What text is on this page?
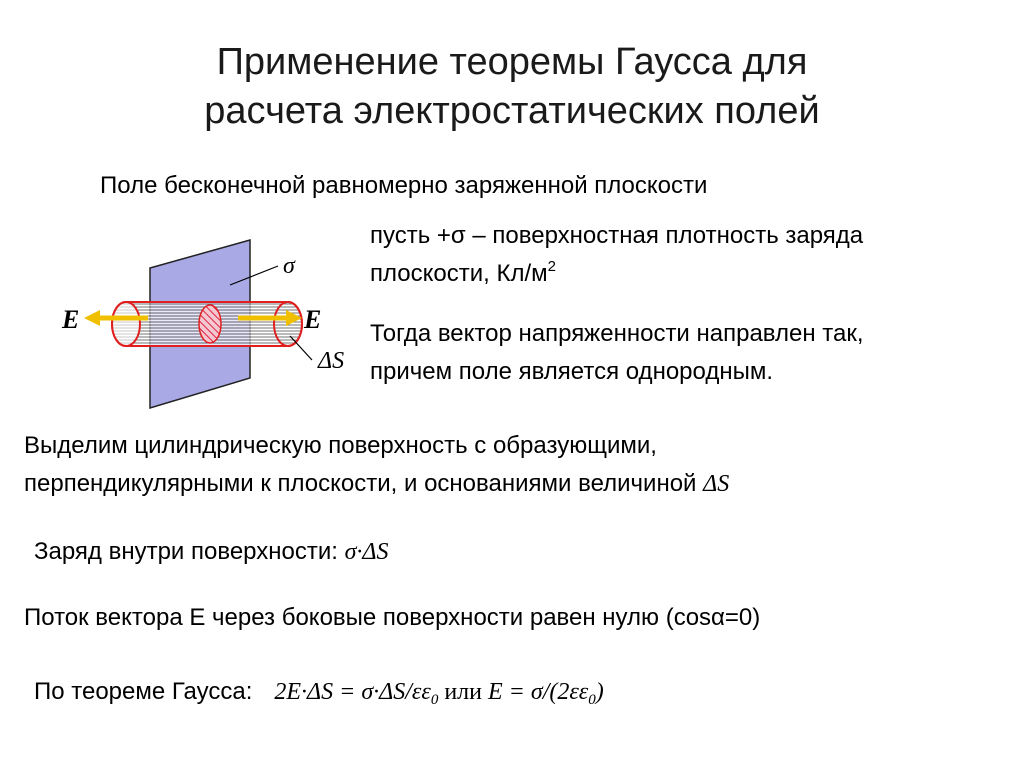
Применение теоремы Гаусса для
расчета электростатических полей
Поле бесконечной равномерно заряженной плоскости
пусть +σ – поверхностная плотность заряда
плоскости, $Кл/м^2$
Тогда вектор напряженности направлен так,
причем поле является однородным.
σ
E	E
ΔS
Выделим цилиндрическую поверхность с образующими,
перпендикулярными к плоскости, и основаниями величиной ΔS
Заряд внутри поверхности: σ·ΔS
Поток вектора E через боковые поверхности равен нулю (cosα=0)
По теореме Гаусса: $2E\cdot\Delta S = \sigma\cdot\Delta S/\varepsilon\varepsilon_0$ или $E = \sigma/(2\varepsilon\varepsilon_0)$
